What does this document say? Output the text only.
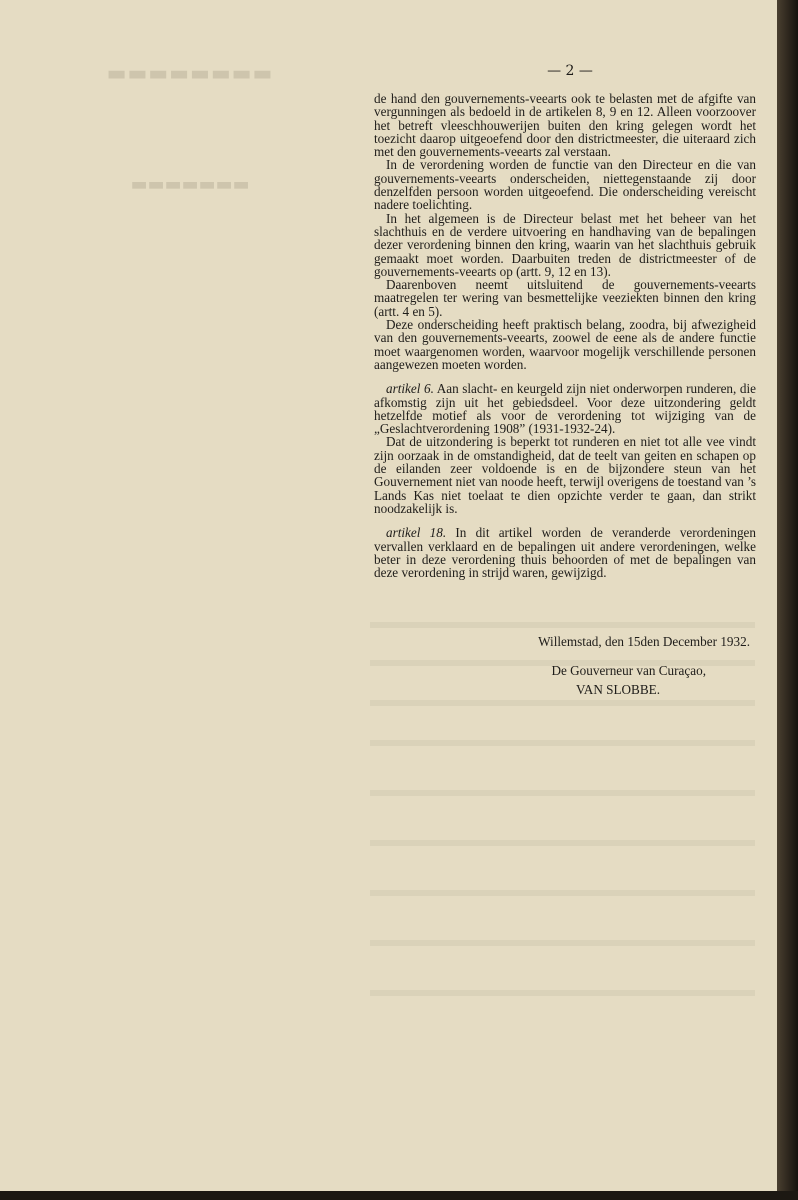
▬▬▬▬▬▬▬▬
▬▬▬▬▬▬▬
— 2 —

de hand den gouvernements-veearts ook te belasten met de afgifte van vergunningen als bedoeld in de artikelen 8, 9 en 12. Alleen voorzoover het betreft vleeschhouwerijen buiten den kring gelegen wordt het toezicht daarop uitgeoefend door den districtmeester, die uiteraard zich met den gouvernements-veearts zal verstaan.

In de verordening worden de functie van den Directeur en die van gouvernements-veearts onderscheiden, niettegenstaande zij door denzelfden persoon worden uitgeoefend. Die onderscheiding vereischt nadere toelichting.

In het algemeen is de Directeur belast met het beheer van het slachthuis en de verdere uitvoering en handhaving van de bepalingen dezer verordening binnen den kring, waarin van het slachthuis gebruik gemaakt moet worden. Daarbuiten treden de districtmeester of de gouvernements-veearts op (artt. 9, 12 en 13).

Daarenboven neemt uitsluitend de gouvernements-veearts maatregelen ter wering van besmettelijke veeziekten binnen den kring (artt. 4 en 5).

Deze onderscheiding heeft praktisch belang, zoodra, bij afwezigheid van den gouvernements-veearts, zoowel de eene als de andere functie moet waargenomen worden, waarvoor mogelijk verschillende personen aangewezen moeten worden.

artikel 6. Aan slacht- en keurgeld zijn niet onderworpen runderen, die afkomstig zijn uit het gebiedsdeel. Voor deze uitzondering geldt hetzelfde motief als voor de verordening tot wijziging van de „Geslachtverordening 1908” (1931-1932-24).

Dat de uitzondering is beperkt tot runderen en niet tot alle vee vindt zijn oorzaak in de omstandigheid, dat de teelt van geiten en schapen op de eilanden zeer voldoende is en de bijzondere steun van het Gouvernement niet van noode heeft, terwijl overigens de toestand van ’s Lands Kas niet toelaat te dien opzichte verder te gaan, dan strikt noodzakelijk is.

artikel 18. In dit artikel worden de veranderde verordeningen vervallen verklaard en de bepalingen uit andere verordeningen, welke beter in deze verordening thuis behoorden of met de bepalingen van deze verordening in strijd waren, gewijzigd.

Willemstad, den 15den December 1932.
De Gouverneur van Curaçao,
VAN SLOBBE.
